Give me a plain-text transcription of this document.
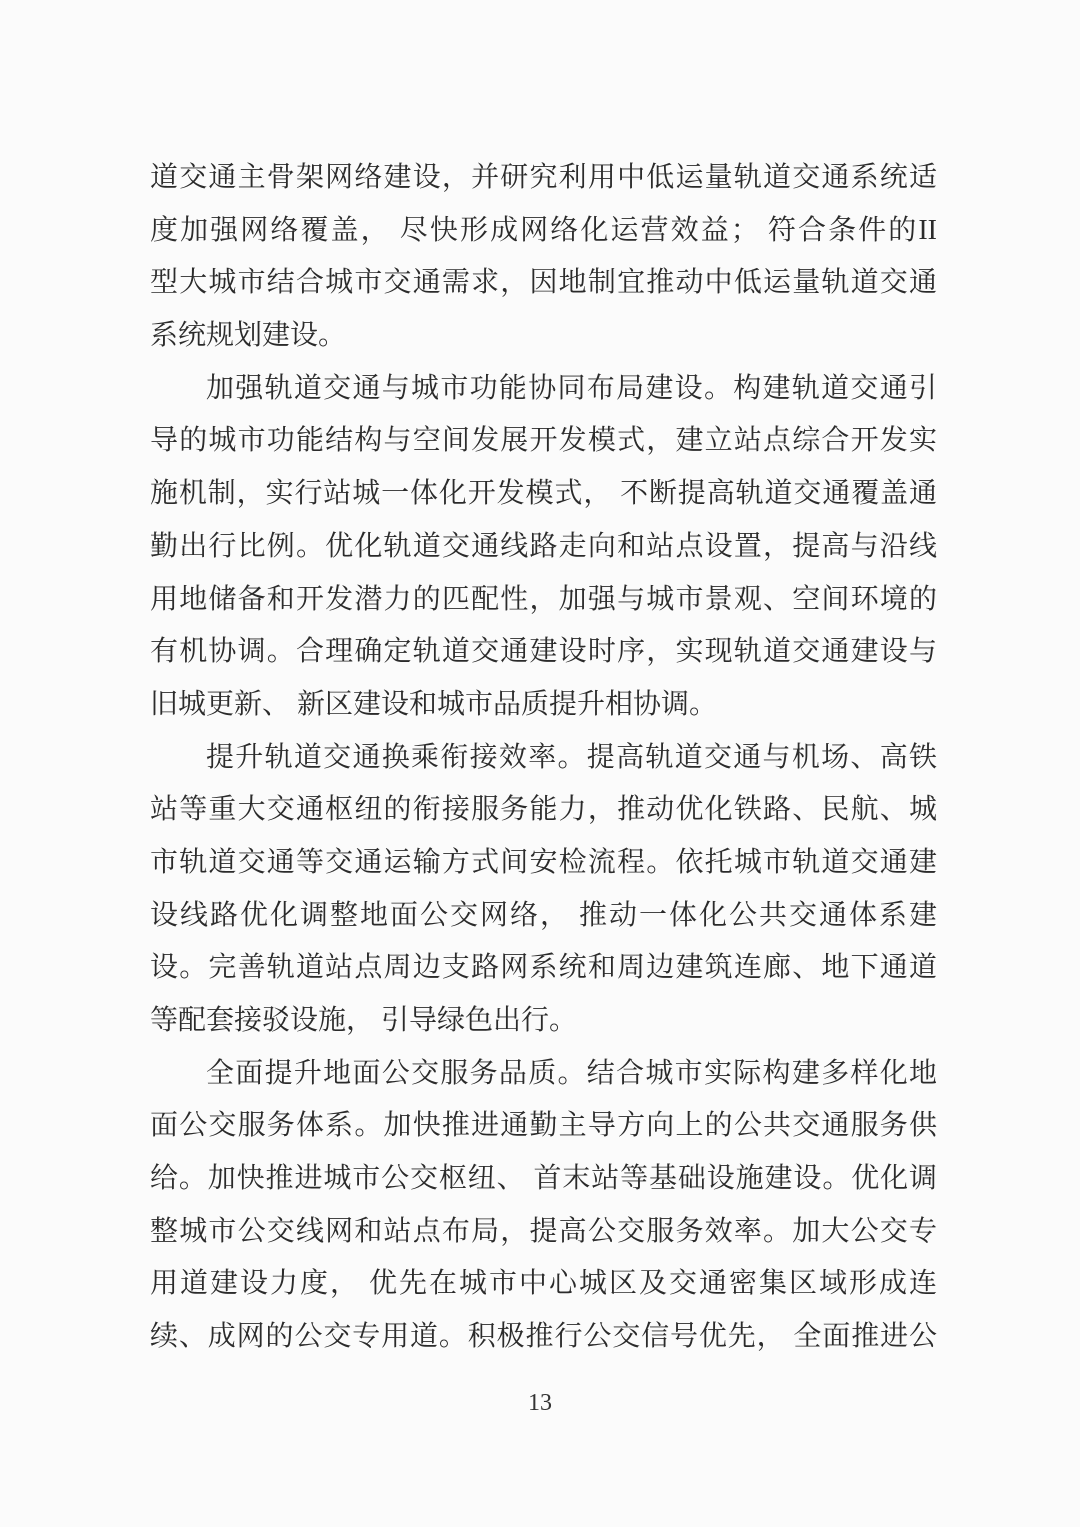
道交通主骨架网络建设，并研究利用中低运量轨道交通系统适
度加强网络覆盖， 尽快形成网络化运营效益； 符合条件的II
型大城市结合城市交通需求，因地制宜推动中低运量轨道交通
系统规划建设。
加强轨道交通与城市功能协同布局建设。构建轨道交通引
导的城市功能结构与空间发展开发模式，建立站点综合开发实
施机制，实行站城一体化开发模式， 不断提高轨道交通覆盖通
勤出行比例。优化轨道交通线路走向和站点设置，提高与沿线
用地储备和开发潜力的匹配性，加强与城市景观、空间环境的
有机协调。合理确定轨道交通建设时序，实现轨道交通建设与
旧城更新、 新区建设和城市品质提升相协调。
提升轨道交通换乘衔接效率。提高轨道交通与机场、高铁
站等重大交通枢纽的衔接服务能力，推动优化铁路、民航、城
市轨道交通等交通运输方式间安检流程。依托城市轨道交通建
设线路优化调整地面公交网络， 推动一体化公共交通体系建
设。完善轨道站点周边支路网系统和周边建筑连廊、地下通道
等配套接驳设施， 引导绿色出行。
全面提升地面公交服务品质。结合城市实际构建多样化地
面公交服务体系。加快推进通勤主导方向上的公共交通服务供
给。加快推进城市公交枢纽、 首末站等基础设施建设。优化调
整城市公交线网和站点布局，提高公交服务效率。加大公交专
用道建设力度， 优先在城市中心城区及交通密集区域形成连
续、成网的公交专用道。积极推行公交信号优先， 全面推进公
13
